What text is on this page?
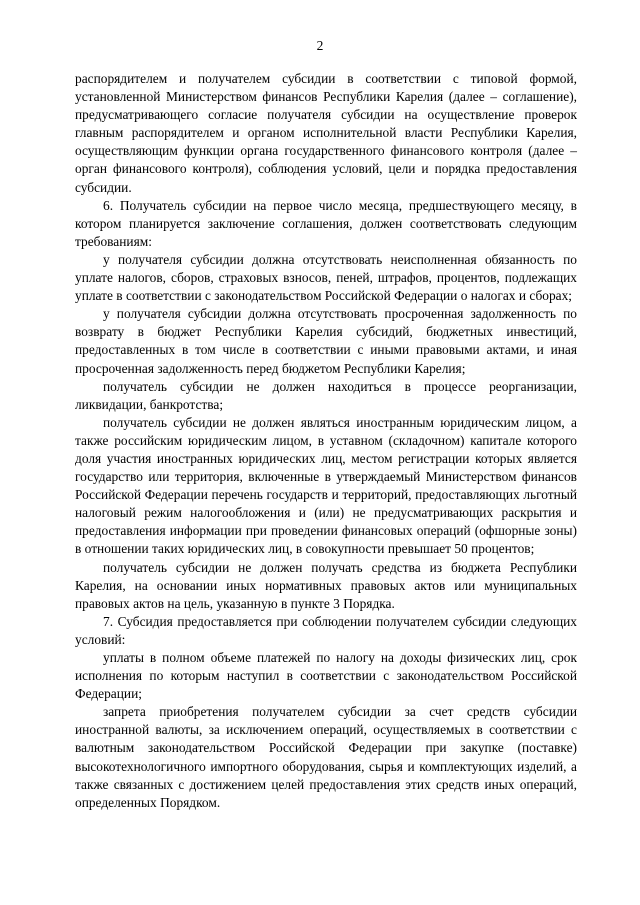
2

распорядителем и получателем субсидии в соответствии с типовой формой, установленной Министерством финансов Республики Карелия (далее – соглашение), предусматривающего согласие получателя субсидии на осуществление проверок главным распорядителем и органом исполнительной власти Республики Карелия, осуществляющим функции органа государственного финансового контроля (далее – орган финансового контроля), соблюдения условий, цели и порядка предоставления субсидии.

6. Получатель субсидии на первое число месяца, предшествующего месяцу, в котором планируется заключение соглашения, должен соответствовать следующим требованиям:

у получателя субсидии должна отсутствовать неисполненная обязанность по уплате налогов, сборов, страховых взносов, пеней, штрафов, процентов, подлежащих уплате в соответствии с законодательством Российской Федерации о налогах и сборах;

у получателя субсидии должна отсутствовать просроченная задолженность по возврату в бюджет Республики Карелия субсидий, бюджетных инвестиций, предоставленных в том числе в соответствии с иными правовыми актами, и иная просроченная задолженность перед бюджетом Республики Карелия;

получатель субсидии не должен находиться в процессе реорганизации, ликвидации, банкротства;

получатель субсидии не должен являться иностранным юридическим лицом, а также российским юридическим лицом, в уставном (складочном) капитале которого доля участия иностранных юридических лиц, местом регистрации которых является государство или территория, включенные в утверждаемый Министерством финансов Российской Федерации перечень государств и территорий, предоставляющих льготный налоговый режим налогообложения и (или) не предусматривающих раскрытия и предоставления информации при проведении финансовых операций (офшорные зоны) в отношении таких юридических лиц, в совокупности превышает 50 процентов;

получатель субсидии не должен получать средства из бюджета Республики Карелия, на основании иных нормативных правовых актов или муниципальных правовых актов на цель, указанную в пункте 3 Порядка.

7. Субсидия предоставляется при соблюдении получателем субсидии следующих условий:

уплаты в полном объеме платежей по налогу на доходы физических лиц, срок исполнения по которым наступил в соответствии с законодательством Российской Федерации;

запрета приобретения получателем субсидии за счет средств субсидии иностранной валюты, за исключением операций, осуществляемых в соответствии с валютным законодательством Российской Федерации при закупке (поставке) высокотехнологичного импортного оборудования, сырья и комплектующих изделий, а также связанных с достижением целей предоставления этих средств иных операций, определенных Порядком.
